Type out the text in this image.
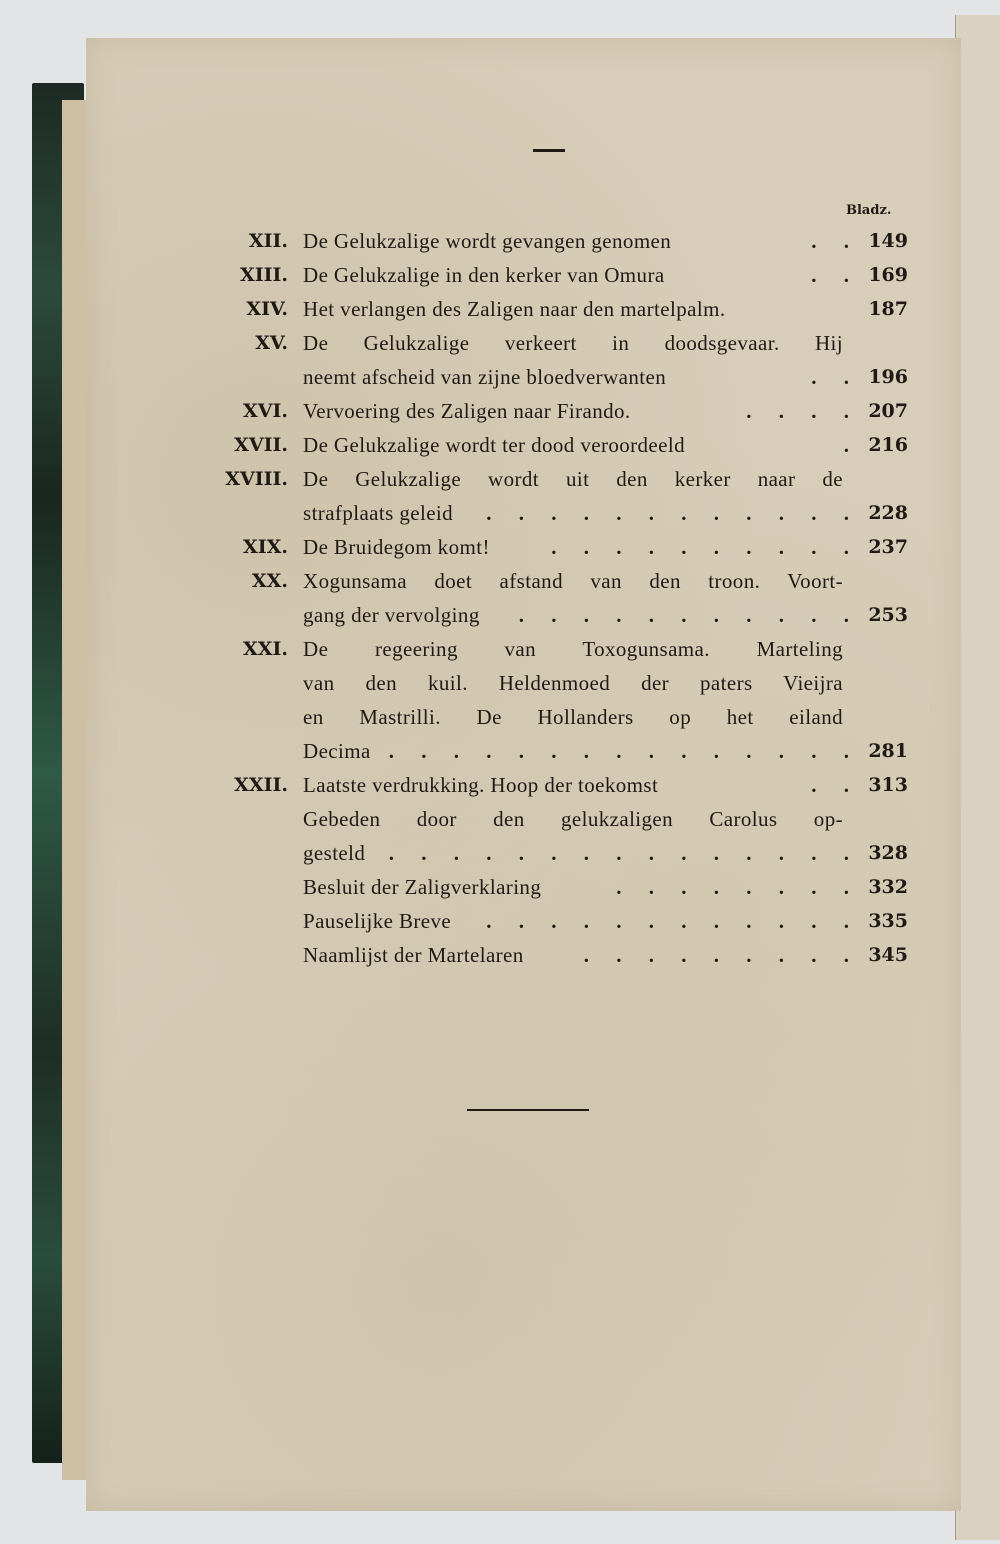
Bladz.
XII. De Gelukzalige wordt gevangen genomen	. . 149
XIII. De Gelukzalige in den kerker van Omura	. . 169
XIV. Het verlangen des Zaligen naar den martelpalm.	187
XV. De Gelukzalige verkeert in doodsgevaar. Hij
neemt afscheid van zijne bloedverwanten	. . 196
XVI. Vervoering des Zaligen naar Firando.	. . . . 207
XVII. De Gelukzalige wordt ter dood veroordeeld	. 216
XVIII. De Gelukzalige wordt uit den kerker naar de
strafplaats geleid . . . . . . . . . . . . 228
XIX. De Bruidegom komt!	. . . . . . . . . . 237
XX. Xogunsama doet afstand van den troon. Voort-
gang der vervolging . . . . . . . . . . . 253
XXI. De regeering van Toxogunsama. Marteling
van den kuil. Heldenmoed der paters Vieijra
en Mastrilli. De Hollanders op het eiland
Decima . . . . . . . . . . . . . . . 281
XXII. Laatste verdrukking. Hoop der toekomst	. . 313
Gebeden door den gelukzaligen Carolus op-
gesteld . . . . . . . . . . . . . . . 328
Besluit der Zaligverklaring	. . . . . . . . 332
Pauselijke Breve . . . . . . . . . . . . 335
Naamlijst der Martelaren	. . . . . . . . . 345
